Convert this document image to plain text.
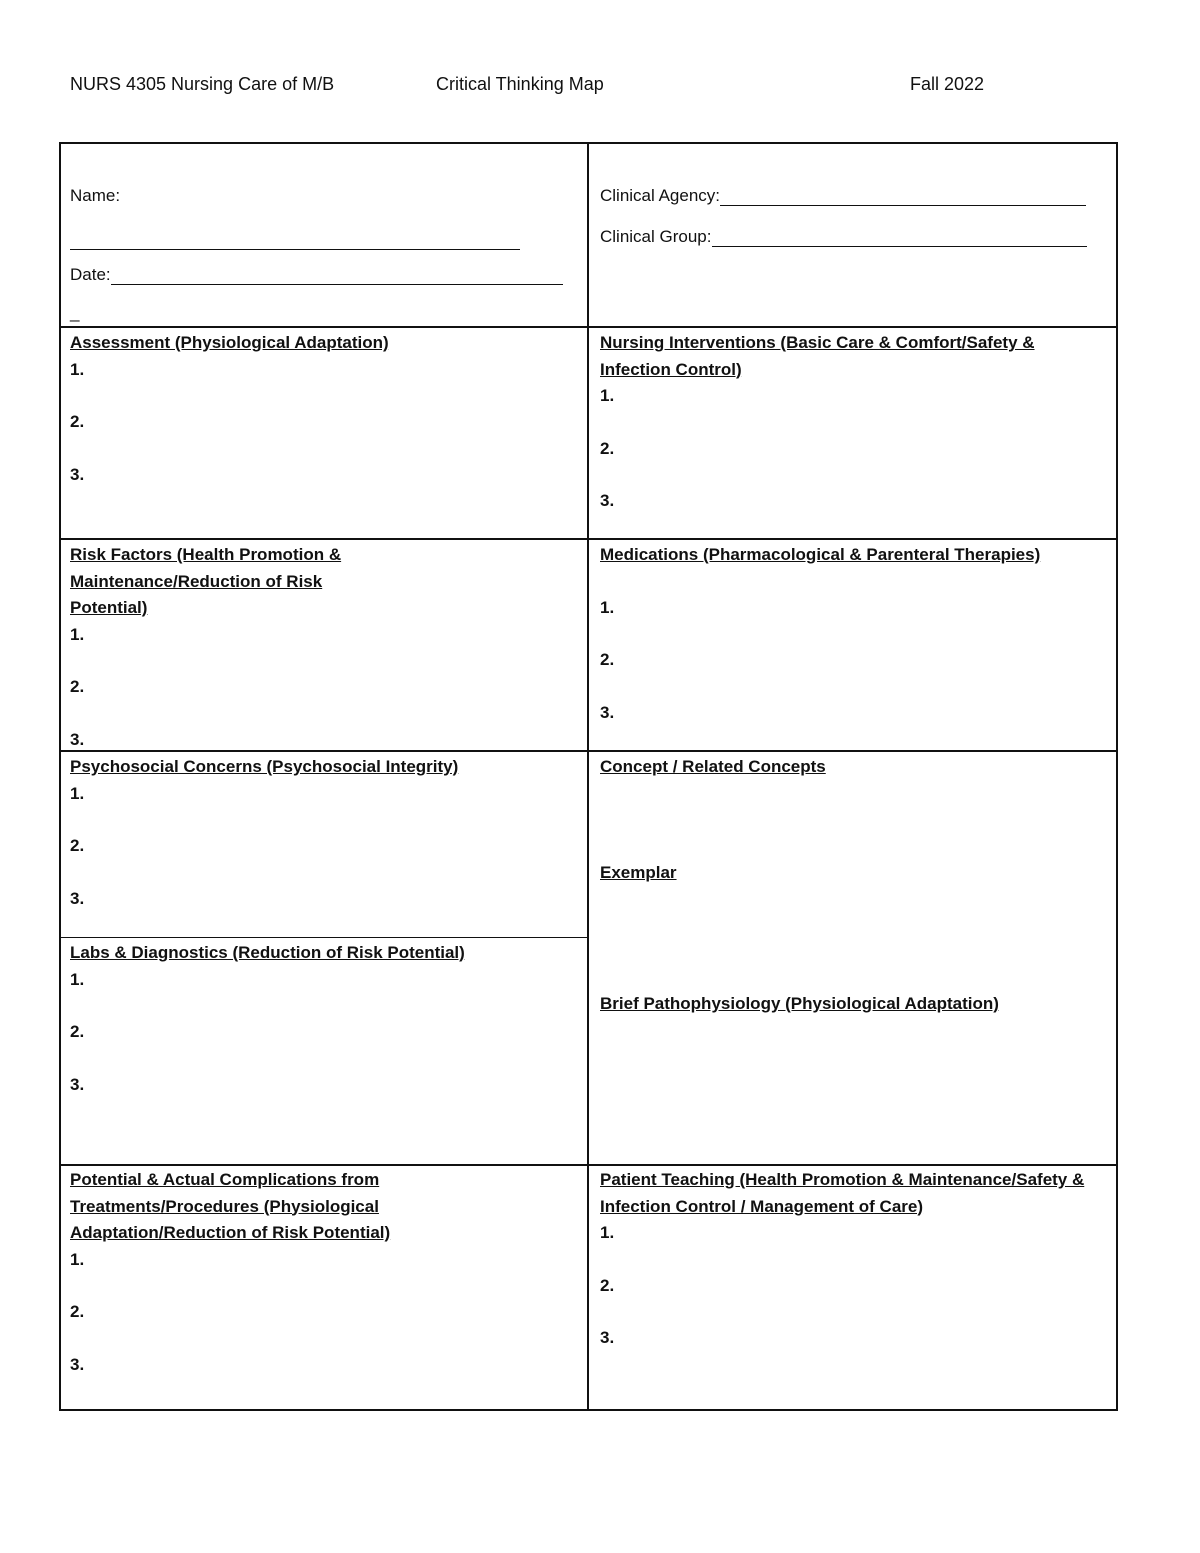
NURS 4305 Nursing Care of M/B	Critical Thinking Map	Fall 2022
Name:
Date:
_
Clinical Agency:
Clinical Group:
Assessment (Physiological Adaptation)
1.
2.
3.
Nursing Interventions (Basic Care & Comfort/Safety & Infection Control)
1.
2.
3.
Risk Factors (Health Promotion & Maintenance/Reduction of Risk Potential)
1.
2.
3.
Medications (Pharmacological & Parenteral Therapies)
1.
2.
3.
Psychosocial Concerns (Psychosocial Integrity)
1.
2.
3.
Concept / Related Concepts
Exemplar
Brief Pathophysiology (Physiological Adaptation)
Labs & Diagnostics (Reduction of Risk Potential)
1.
2.
3.
Potential & Actual Complications from Treatments/Procedures (Physiological Adaptation/Reduction of Risk Potential)
1.
2.
3.
Patient Teaching (Health Promotion & Maintenance/Safety & Infection Control / Management of Care)
1.
2.
3.
